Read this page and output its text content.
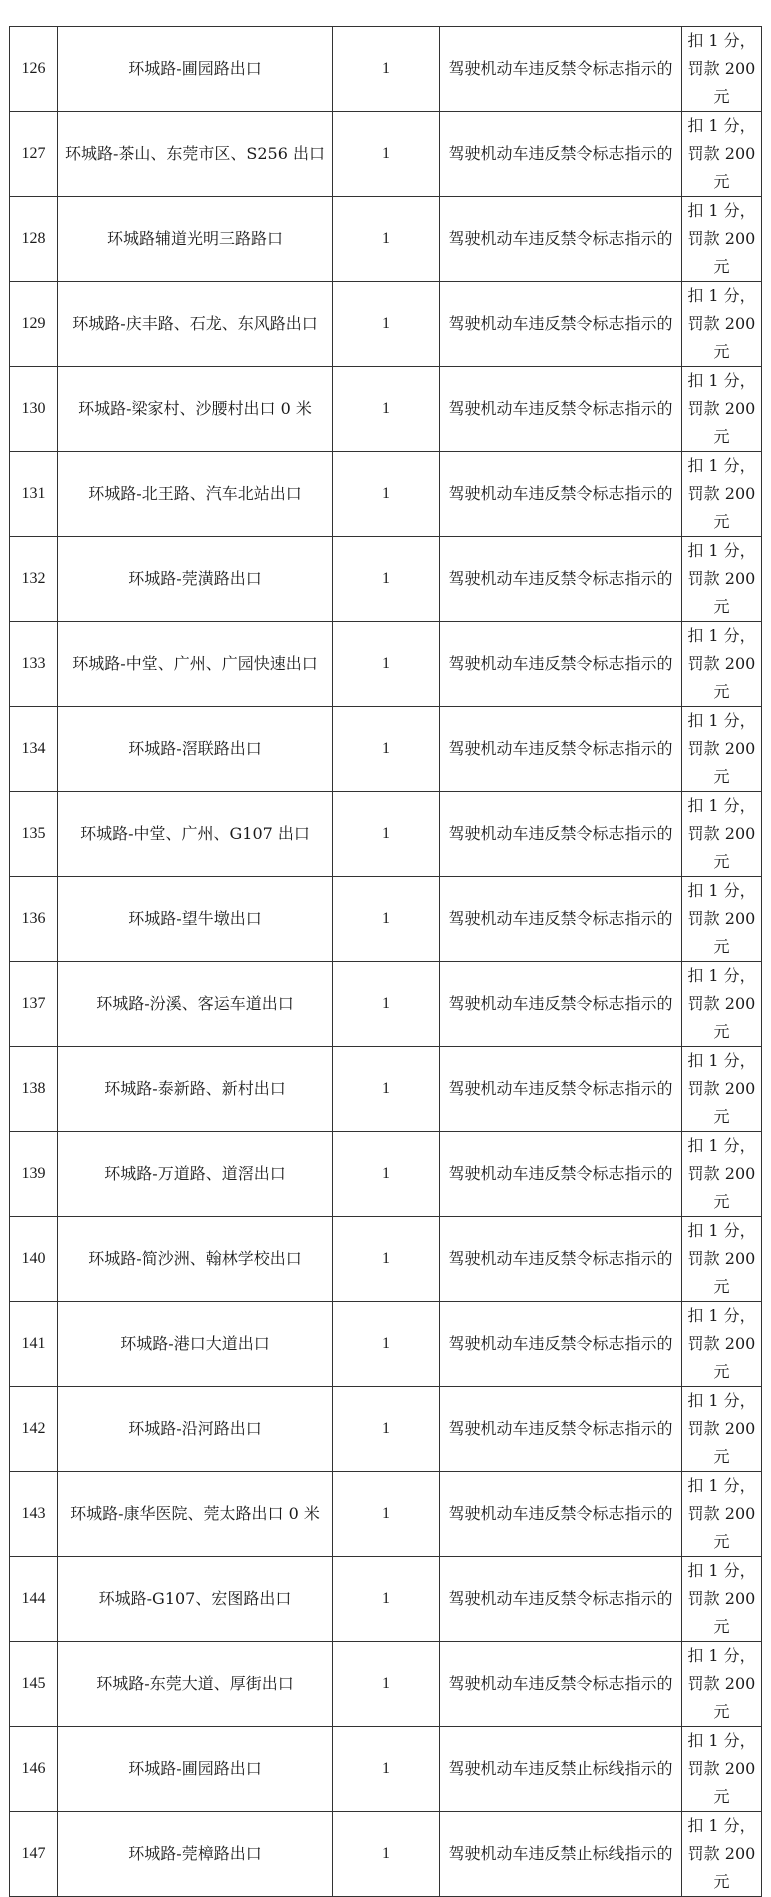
126	环城路-圃园路出口	1	驾驶机动车违反禁令标志指示的	扣 1 分，罚款 200 元
127	环城路-茶山、东莞市区、S256 出口	1	驾驶机动车违反禁令标志指示的	扣 1 分，罚款 200 元
128	环城路辅道光明三路路口	1	驾驶机动车违反禁令标志指示的	扣 1 分，罚款 200 元
129	环城路-庆丰路、石龙、东风路出口	1	驾驶机动车违反禁令标志指示的	扣 1 分，罚款 200 元
130	环城路-梁家村、沙腰村出口 0 米	1	驾驶机动车违反禁令标志指示的	扣 1 分，罚款 200 元
131	环城路-北王路、汽车北站出口	1	驾驶机动车违反禁令标志指示的	扣 1 分，罚款 200 元
132	环城路-莞潢路出口	1	驾驶机动车违反禁令标志指示的	扣 1 分，罚款 200 元
133	环城路-中堂、广州、广园快速出口	1	驾驶机动车违反禁令标志指示的	扣 1 分，罚款 200 元
134	环城路-滘联路出口	1	驾驶机动车违反禁令标志指示的	扣 1 分，罚款 200 元
135	环城路-中堂、广州、G107 出口	1	驾驶机动车违反禁令标志指示的	扣 1 分，罚款 200 元
136	环城路-望牛墩出口	1	驾驶机动车违反禁令标志指示的	扣 1 分，罚款 200 元
137	环城路-汾溪、客运车道出口	1	驾驶机动车违反禁令标志指示的	扣 1 分，罚款 200 元
138	环城路-泰新路、新村出口	1	驾驶机动车违反禁令标志指示的	扣 1 分，罚款 200 元
139	环城路-万道路、道滘出口	1	驾驶机动车违反禁令标志指示的	扣 1 分，罚款 200 元
140	环城路-简沙洲、翰林学校出口	1	驾驶机动车违反禁令标志指示的	扣 1 分，罚款 200 元
141	环城路-港口大道出口	1	驾驶机动车违反禁令标志指示的	扣 1 分，罚款 200 元
142	环城路-沿河路出口	1	驾驶机动车违反禁令标志指示的	扣 1 分，罚款 200 元
143	环城路-康华医院、莞太路出口 0 米	1	驾驶机动车违反禁令标志指示的	扣 1 分，罚款 200 元
144	环城路-G107、宏图路出口	1	驾驶机动车违反禁令标志指示的	扣 1 分，罚款 200 元
145	环城路-东莞大道、厚街出口	1	驾驶机动车违反禁令标志指示的	扣 1 分，罚款 200 元
146	环城路-圃园路出口	1	驾驶机动车违反禁止标线指示的	扣 1 分，罚款 200 元
147	环城路-莞樟路出口	1	驾驶机动车违反禁止标线指示的	扣 1 分，罚款 200 元
